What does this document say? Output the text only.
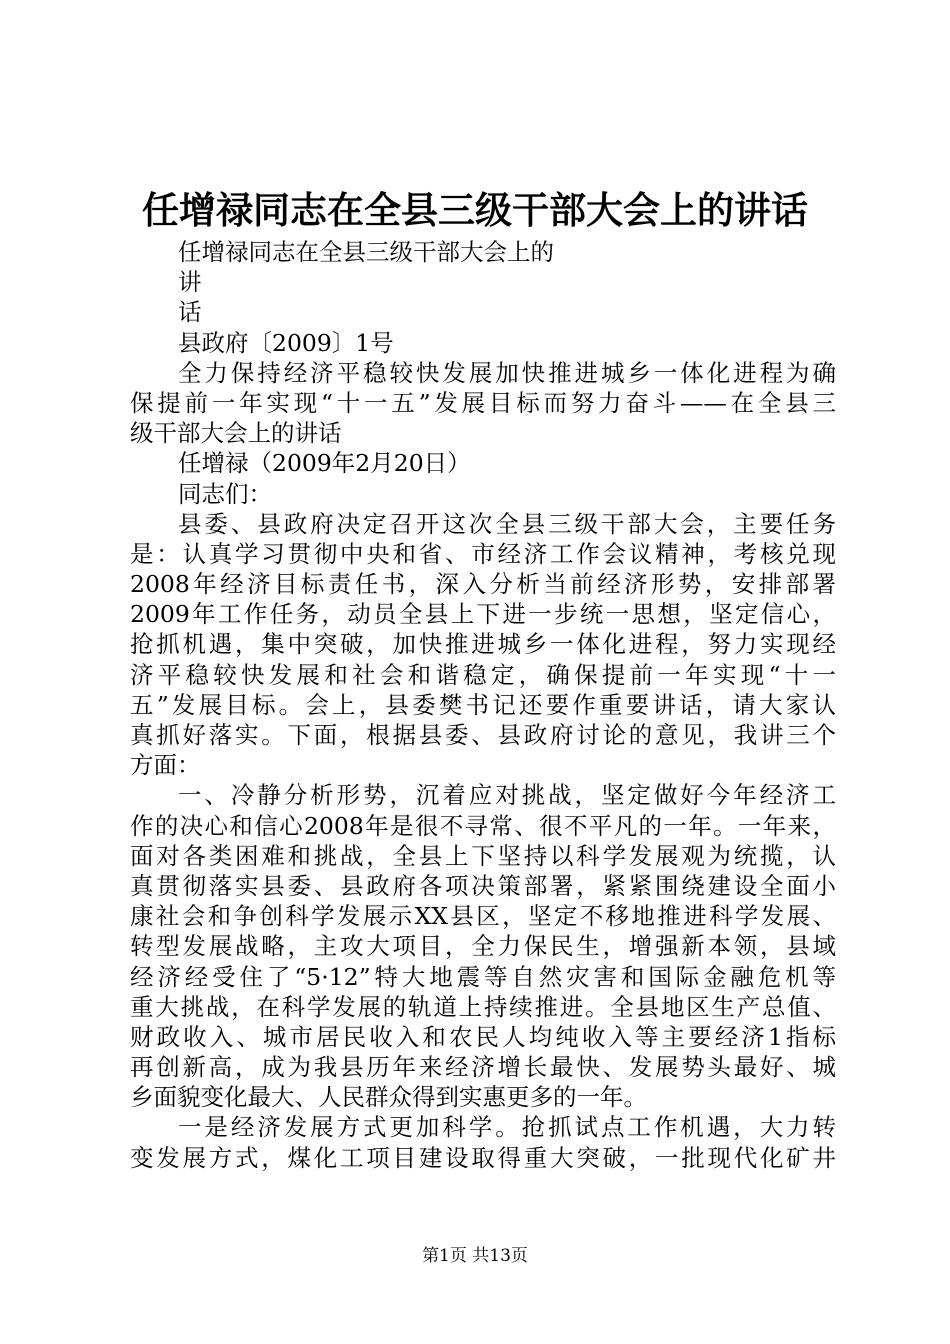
任增禄同志在全县三级干部大会上的讲话
任增禄同志在全县三级干部大会上的
讲
话
县政府〔2009〕1号
全力保持经济平稳较快发展加快推进城乡一体化进程为确
保提前一年实现“十一五”发展目标而努力奋斗——在全县三
级干部大会上的讲话
任增禄（2009年2月20日）
同志们：
县委、县政府决定召开这次全县三级干部大会，主要任务
是：认真学习贯彻中央和省、市经济工作会议精神，考核兑现
2008年经济目标责任书，深入分析当前经济形势，安排部署
2009年工作任务，动员全县上下进一步统一思想，坚定信心，
抢抓机遇，集中突破，加快推进城乡一体化进程，努力实现经
济平稳较快发展和社会和谐稳定，确保提前一年实现“十一
五”发展目标。会上，县委樊书记还要作重要讲话，请大家认
真抓好落实。下面，根据县委、县政府讨论的意见，我讲三个
方面：
一、冷静分析形势，沉着应对挑战，坚定做好今年经济工
作的决心和信心2008年是很不寻常、很不平凡的一年。一年来，
面对各类困难和挑战，全县上下坚持以科学发展观为统揽，认
真贯彻落实县委、县政府各项决策部署，紧紧围绕建设全面小
康社会和争创科学发展示XX县区，坚定不移地推进科学发展、
转型发展战略，主攻大项目，全力保民生，增强新本领，县域
经济经受住了“5·12”特大地震等自然灾害和国际金融危机等
重大挑战，在科学发展的轨道上持续推进。全县地区生产总值、
财政收入、城市居民收入和农民人均纯收入等主要经济1指标
再创新高，成为我县历年来经济增长最快、发展势头最好、城
乡面貌变化最大、人民群众得到实惠更多的一年。
一是经济发展方式更加科学。抢抓试点工作机遇，大力转
变发展方式，煤化工项目建设取得重大突破，一批现代化矿井
第1页 共13页
